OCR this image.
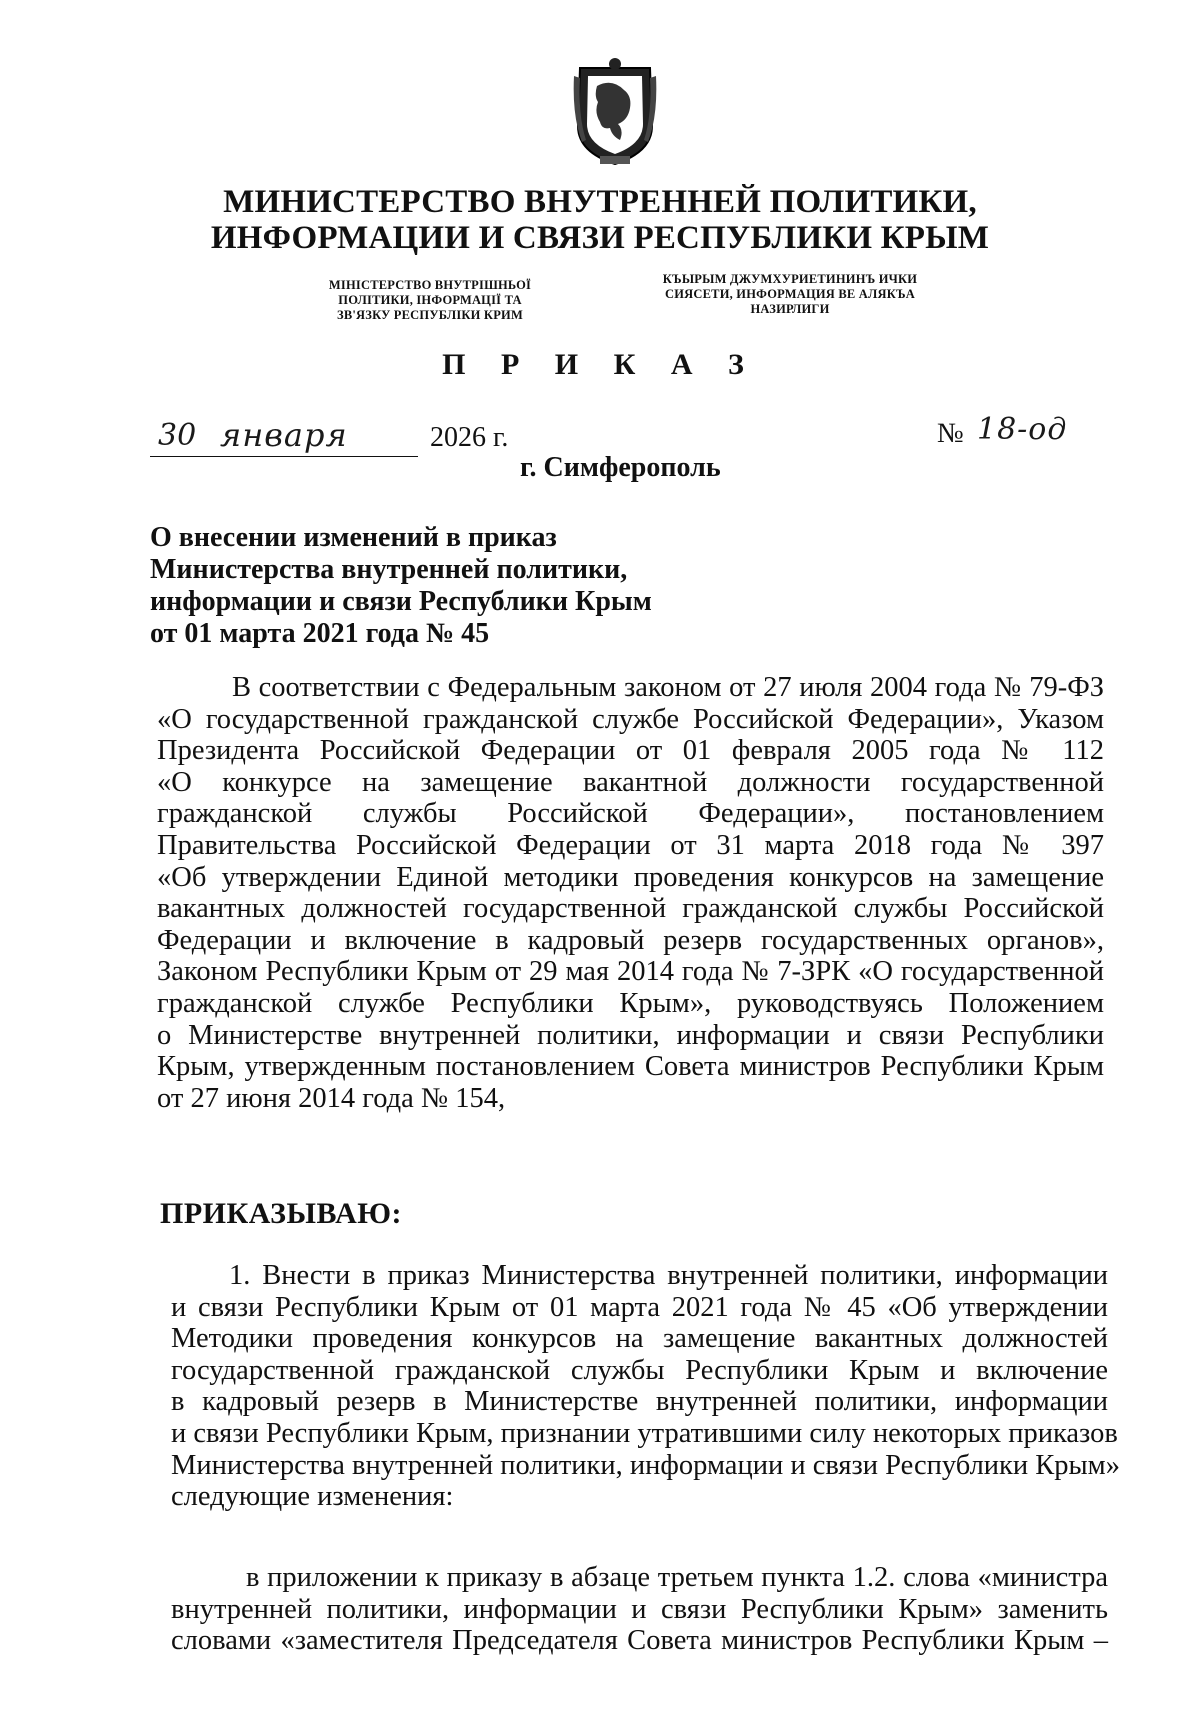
МИНИСТЕРСТВО ВНУТРЕННЕЙ ПОЛИТИКИ,
ИНФОРМАЦИИ И СВЯЗИ РЕСПУБЛИКИ КРЫМ
МІНІСТЕРСТВО ВНУТРІШНЬОЇ
ПОЛІТИКИ, ІНФОРМАЦІЇ ТА
ЗВ'ЯЗКУ РЕСПУБЛІКИ КРИМ
КЪЫРЫМ ДЖУМХУРИЕТИНИНЪ ИЧКИ
СИЯСЕТИ, ИНФОРМАЦИЯ ВЕ АЛЯКЪА
НАЗИРЛИГИ
П Р И К А З
30 января	2026 г.	№ 18-од
г. Симферополь
О внесении изменений в приказ
Министерства внутренней политики,
информации и связи Республики Крым
от 01 марта 2021 года № 45
В соответствии с Федеральным законом от 27 июля 2004 года № 79-ФЗ
«О государственной гражданской службе Российской Федерации», Указом
Президента Российской Федерации от 01 февраля 2005 года № 112
«О конкурсе на замещение вакантной должности государственной
гражданской службы Российской Федерации», постановлением
Правительства Российской Федерации от 31 марта 2018 года № 397
«Об утверждении Единой методики проведения конкурсов на замещение
вакантных должностей государственной гражданской службы Российской
Федерации и включение в кадровый резерв государственных органов»,
Законом Республики Крым от 29 мая 2014 года № 7-ЗРК «О государственной
гражданской службе Республики Крым», руководствуясь Положением
о Министерстве внутренней политики, информации и связи Республики
Крым, утвержденным постановлением Совета министров Республики Крым
от 27 июня 2014 года № 154,
ПРИКАЗЫВАЮ:
1. Внести в приказ Министерства внутренней политики, информации
и связи Республики Крым от 01 марта 2021 года № 45 «Об утверждении
Методики проведения конкурсов на замещение вакантных должностей
государственной гражданской службы Республики Крым и включение
в кадровый резерв в Министерстве внутренней политики, информации
и связи Республики Крым, признании утратившими силу некоторых приказов
Министерства внутренней политики, информации и связи Республики Крым»
следующие изменения:
в приложении к приказу в абзаце третьем пункта 1.2. слова «министра
внутренней политики, информации и связи Республики Крым» заменить
словами «заместителя Председателя Совета министров Республики Крым –
